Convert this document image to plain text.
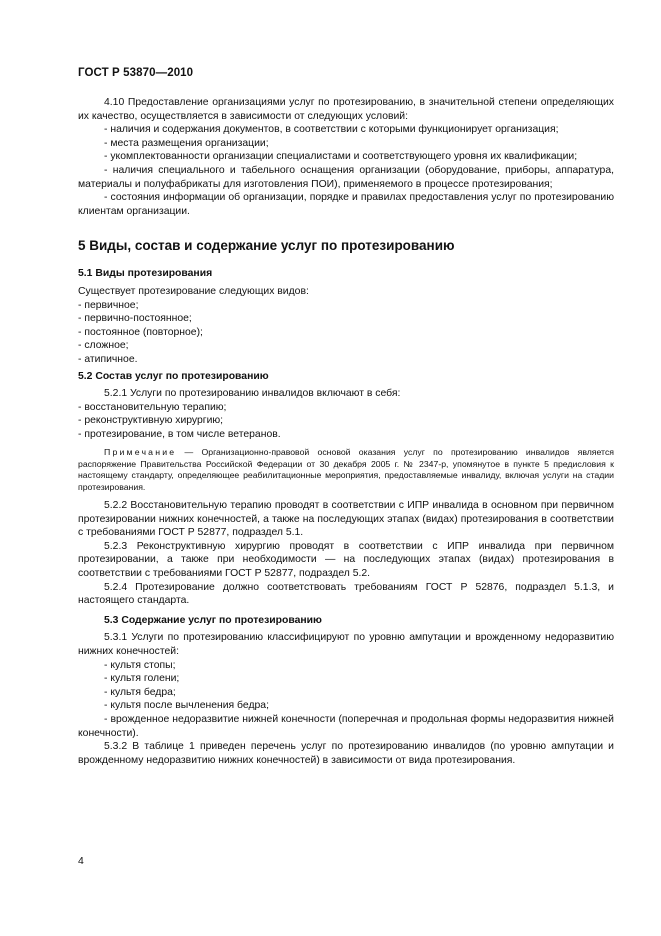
ГОСТ Р 53870—2010

4.10 Предоставление организациями услуг по протезированию, в значительной степени определяющих их качество, осуществляется в зависимости от следующих условий:

- наличия и содержания документов, в соответствии с которыми функционирует организация;

- места размещения организации;

- укомплектованности организации специалистами и соответствующего уровня их квалификации;

- наличия специального и табельного оснащения организации (оборудование, приборы, аппаратура, материалы и полуфабрикаты для изготовления ПОИ), применяемого в процессе протезирования;

- состояния информации об организации, порядке и правилах предоставления услуг по протезированию клиентам организации.

5 Виды, состав и содержание услуг по протезированию

5.1 Виды протезирования

Существует протезирование следующих видов:

- первичное;

- первично-постоянное;

- постоянное (повторное);

- сложное;

- атипичное.

5.2 Состав услуг по протезированию

5.2.1 Услуги по протезированию инвалидов включают в себя:

- восстановительную терапию;

- реконструктивную хирургию;

- протезирование, в том числе ветеранов.

Примечание — Организационно-правовой основой оказания услуг по протезированию инвалидов является распоряжение Правительства Российской Федерации от 30 декабря 2005 г. № 2347-р, упомянутое в пункте 5 предисловия к настоящему стандарту, определяющее реабилитационные мероприятия, предоставляемые инвалиду, включая услуги на стадии протезирования.

5.2.2 Восстановительную терапию проводят в соответствии с ИПР инвалида в основном при первичном протезировании нижних конечностей, а также на последующих этапах (видах) протезирования в соответствии с требованиями ГОСТ Р 52877, подраздел 5.1.

5.2.3 Реконструктивную хирургию проводят в соответствии с ИПР инвалида при первичном протезировании, а также при необходимости — на последующих этапах (видах) протезирования в соответствии с требованиями ГОСТ Р 52877, подраздел 5.2.

5.2.4 Протезирование должно соответствовать требованиям ГОСТ Р 52876, подраздел 5.1.3, и настоящего стандарта.

5.3 Содержание услуг по протезированию

5.3.1 Услуги по протезированию классифицируют по уровню ампутации и врожденному недоразвитию нижних конечностей:

- культя стопы;

- культя голени;

- культя бедра;

- культя после вычленения бедра;

- врожденное недоразвитие нижней конечности (поперечная и продольная формы недоразвития нижней конечности).

5.3.2 В таблице 1 приведен перечень услуг по протезированию инвалидов (по уровню ампутации и врожденному недоразвитию нижних конечностей) в зависимости от вида протезирования.

4
